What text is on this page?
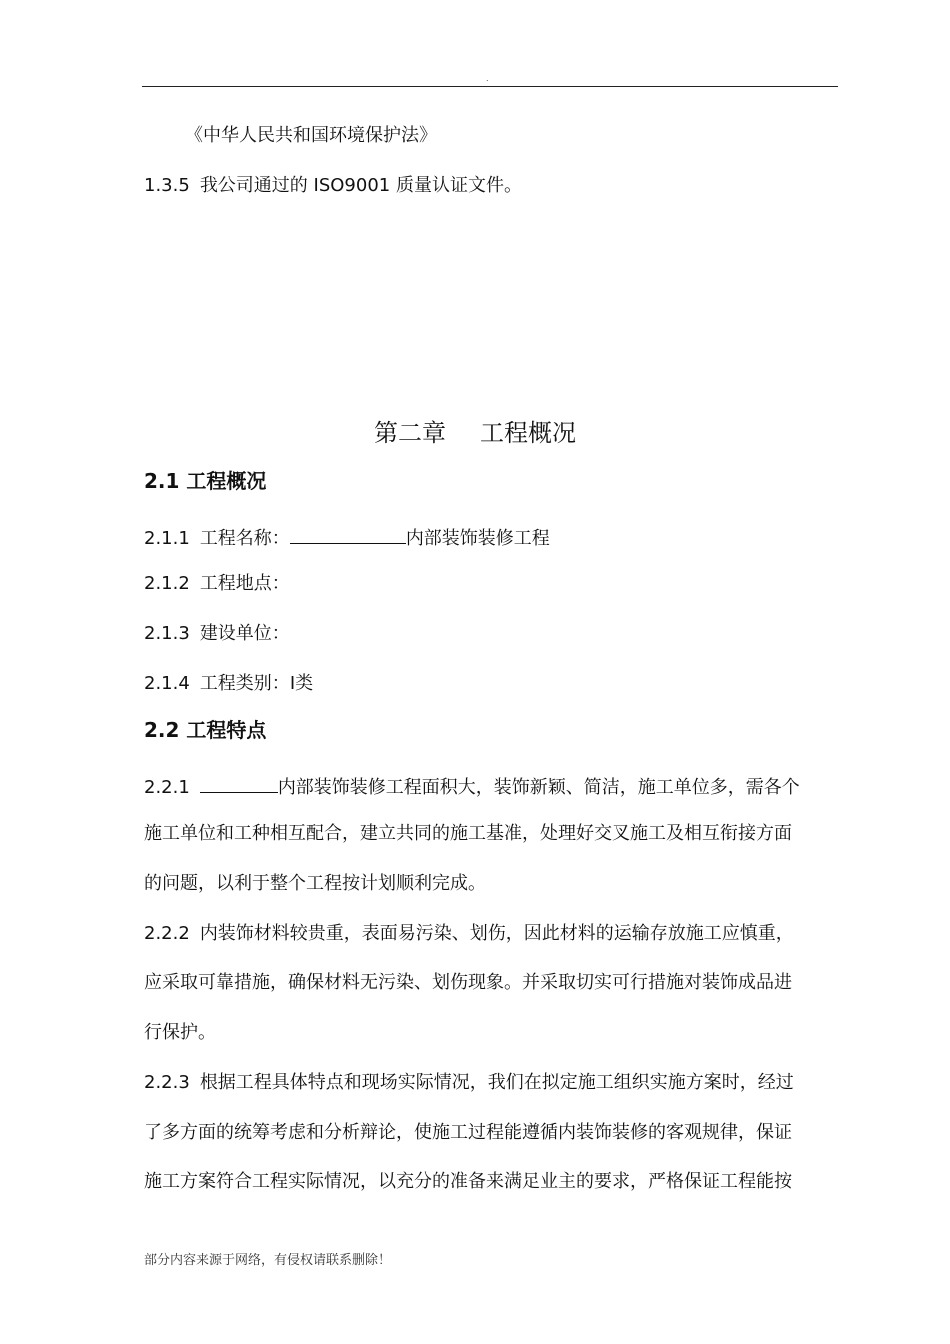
.
《中华人民共和国环境保护法》
1.3.5 我公司通过的 ISO9001 质量认证文件。
第二章 工程概况
2.1 工程概况
2.1.1 工程名称：	内部装饰装修工程
2.1.2 工程地点：
2.1.3 建设单位：
2.1.4 工程类别：Ⅰ类
2.2 工程特点
2.2.1	内部装饰装修工程面积大，装饰新颖、简洁，施工单位多，需各个
施工单位和工种相互配合，建立共同的施工基准，处理好交叉施工及相互衔接方面
的问题，以利于整个工程按计划顺利完成。
2.2.2 内装饰材料较贵重，表面易污染、划伤，因此材料的运输存放施工应慎重，
应采取可靠措施，确保材料无污染、划伤现象。并采取切实可行措施对装饰成品进
行保护。
2.2.3 根据工程具体特点和现场实际情况，我们在拟定施工组织实施方案时，经过
了多方面的统筹考虑和分析辩论，使施工过程能遵循内装饰装修的客观规律，保证
施工方案符合工程实际情况，以充分的准备来满足业主的要求，严格保证工程能按
部分内容来源于网络，有侵权请联系删除！
